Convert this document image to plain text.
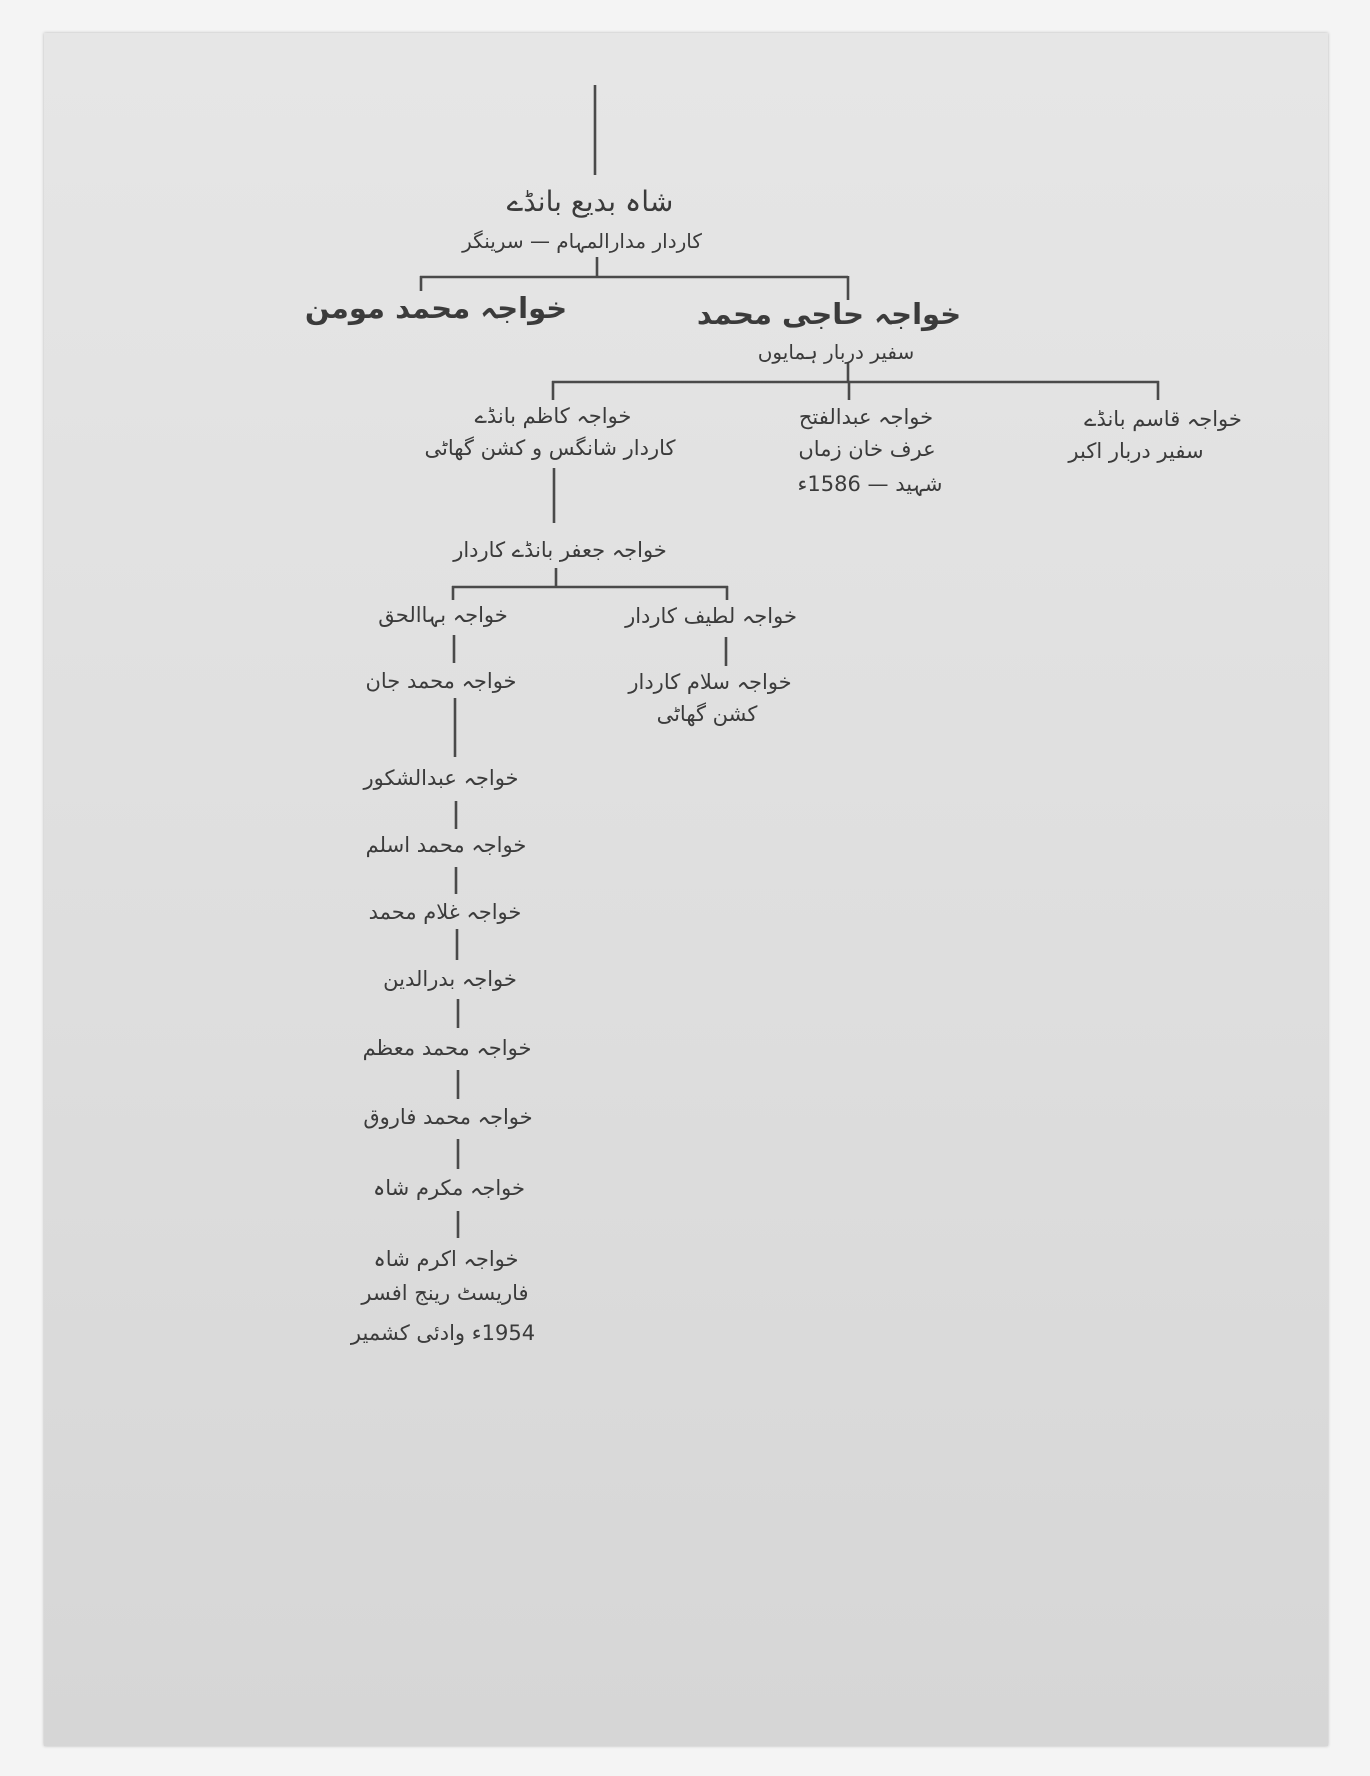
شاہ بدیع بانڈے
کاردار مدارالمہام — سرینگر
خواجہ حاجی محمد
سفیر دربار ہمایوں
خواجہ محمد مومن
خواجہ قاسم بانڈے
سفیر دربار اکبر
خواجہ عبدالفتح
عرف خان زماں
شہید — 1586ء
خواجہ کاظم بانڈے
کاردار شانگس و کشن گھاٹی
خواجہ جعفر بانڈے کاردار
خواجہ لطیف کاردار
خواجہ سلام کاردار
کشن گھاٹی
خواجہ بہاالحق
خواجہ محمد جان
خواجہ عبدالشکور
خواجہ محمد اسلم
خواجہ غلام محمد
خواجہ بدرالدین
خواجہ محمد معظم
خواجہ محمد فاروق
خواجہ مکرم شاہ
خواجہ اکرم شاہ
فاریسٹ رینج افسر
1954ء وادئی کشمیر
